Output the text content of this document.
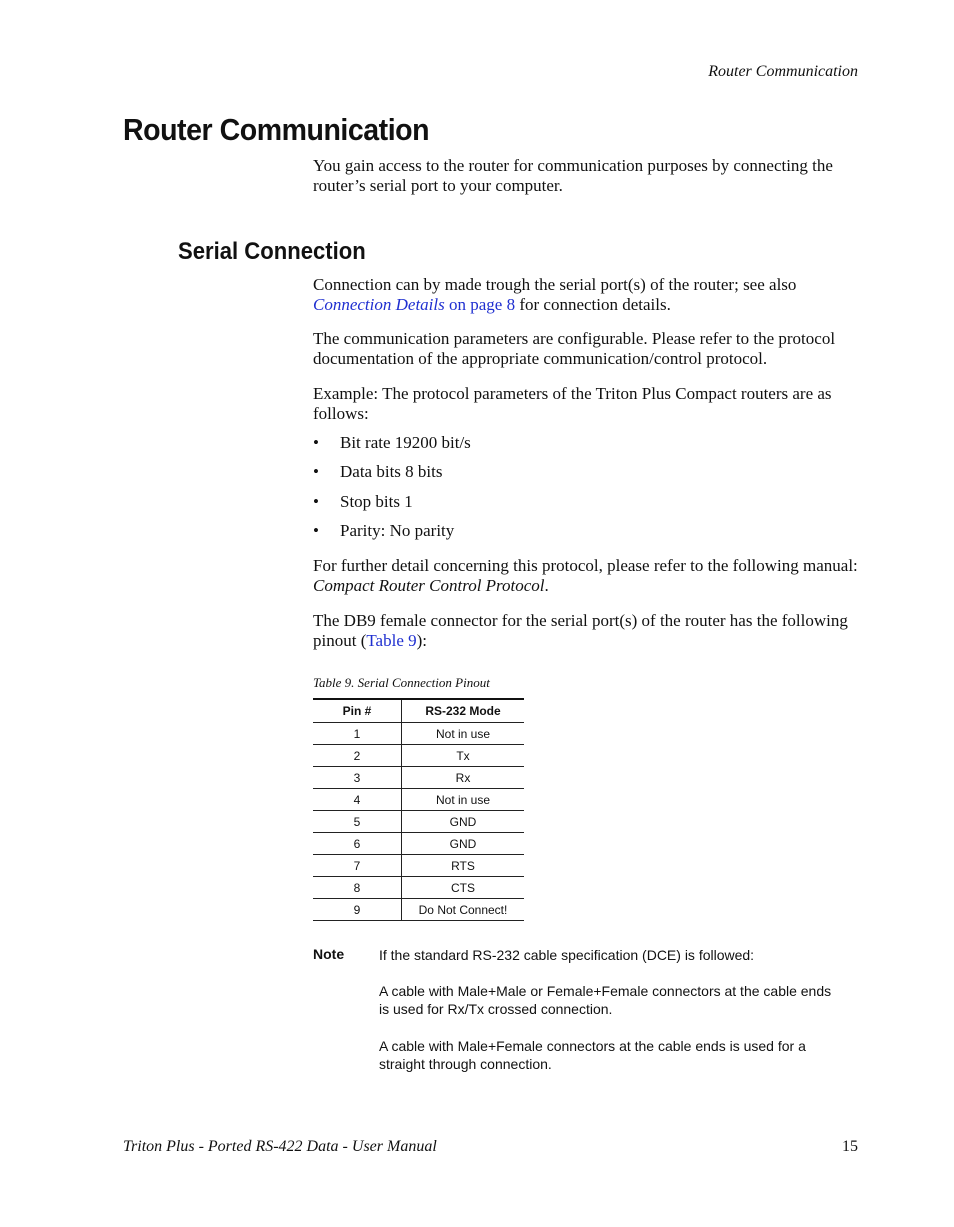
Router Communication
Router Communication

You gain access to the router for communication purposes by connecting the router’s serial port to your computer.

Serial Connection

Connection can by made trough the serial port(s) of the router; see also Connection Details on page 8 for connection details.

The communication parameters are configurable. Please refer to the protocol documentation of the appropriate communication/control protocol.

Example: The protocol parameters of the Triton Plus Compact routers are as follows:

• Bit rate 19200 bit/s
• Data bits 8 bits
• Stop bits 1
• Parity: No parity

For further detail concerning this protocol, please refer to the following manual: Compact Router Control Protocol.

The DB9 female connector for the serial port(s) of the router has the following pinout (Table 9):

Table 9. Serial Connection Pinout
Pin #	RS-232 Mode
1	Not in use
2	Tx
3	Rx
4	Not in use
5	GND
6	GND
7	RTS
8	CTS
9	Do Not Connect!
Note If the standard RS-232 cable specification (DCE) is followed:

A cable with Male+Male or Female+Female connectors at the cable ends is used for Rx/Tx crossed connection.

A cable with Male+Female connectors at the cable ends is used for a straight through connection.

Triton Plus - Ported RS-422 Data - User Manual	15
